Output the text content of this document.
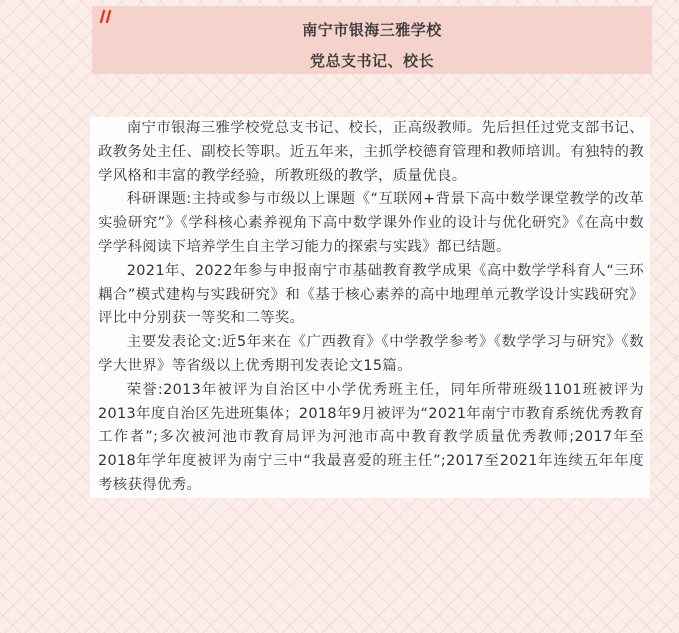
南宁市银海三雅学校
党总支书记、校长

南宁市银海三雅学校党总支书记、校长，正高级教师。先后担任过党支部书记、政教务处主任、副校长等职。近五年来，主抓学校德育管理和教师培训。有独特的教学风格和丰富的教学经验，所教班级的教学，质量优良。

科研课题:主持或参与市级以上课题《“互联网+背景下高中数学课堂教学的改革实验研究”》《学科核心素养视角下高中数学课外作业的设计与优化研究》《在高中数学学科阅读下培养学生自主学习能力的探索与实践》都已结题。

2021年、2022年参与申报南宁市基础教育教学成果《高中数学学科育人“三环耦合”模式建构与实践研究》和《基于核心素养的高中地理单元教学设计实践研究》评比中分别获一等奖和二等奖。

主要发表论文:近5年来在《广西教育》《中学教学参考》《数学学习与研究》《数学大世界》等省级以上优秀期刊发表论文15篇。

荣誉:2013年被评为自治区中小学优秀班主任，同年所带班级1101班被评为2013年度自治区先进班集体；2018年9月被评为“2021年南宁市教育系统优秀教育工作者”;多次被河池市教育局评为河池市高中教育教学质量优秀教师;2017年至2018年学年度被评为南宁三中“我最喜爱的班主任”;2017至2021年连续五年年度考核获得优秀。
